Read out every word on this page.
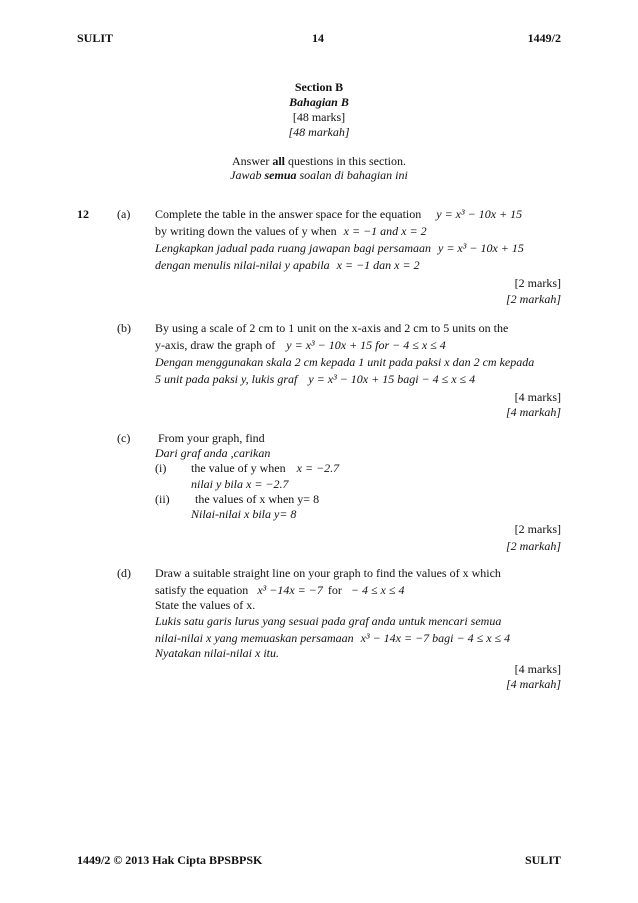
SULIT	14	1449/2
Section B
Bahagian B
[48 marks]
[48 markah]
Answer all questions in this section.
Jawab semua soalan di bahagian ini
12 (a) Complete the table in the answer space for the equation y = x³ − 10x + 15
by writing down the values of y when x = −1 and x = 2
Lengkapkan jadual pada ruang jawapan bagi persamaan y = x³ − 10x + 15
dengan menulis nilai-nilai y apabila x = −1 dan x = 2
[2 marks]
[2 markah]
(b) By using a scale of 2 cm to 1 unit on the x-axis and 2 cm to 5 units on the
y-axis, draw the graph of y = x³ − 10x + 15 for − 4 ≤ x ≤ 4
Dengan menggunakan skala 2 cm kepada 1 unit pada paksi x dan 2 cm kepada
5 unit pada paksi y, lukis graf y = x³ − 10x + 15 bagi − 4 ≤ x ≤ 4
[4 marks]
[4 markah]
(c) From your graph, find
Dari graf anda ,carikan
(i) the value of y when x = −2.7
nilai y bila x = −2.7
(ii) the values of x when y= 8
Nilai-nilai x bila y= 8
[2 marks]
[2 markah]
(d) Draw a suitable straight line on your graph to find the values of x which
satisfy the equation x³ −14x = −7 for − 4 ≤ x ≤ 4
State the values of x.
Lukis satu garis lurus yang sesuai pada graf anda untuk mencari semua
nilai-nilai x yang memuaskan persamaan x³ − 14x = −7 bagi − 4 ≤ x ≤ 4
Nyatakan nilai-nilai x itu.
[4 marks]
[4 markah]
1449/2 © 2013 Hak Cipta BPSBPSK	SULIT
